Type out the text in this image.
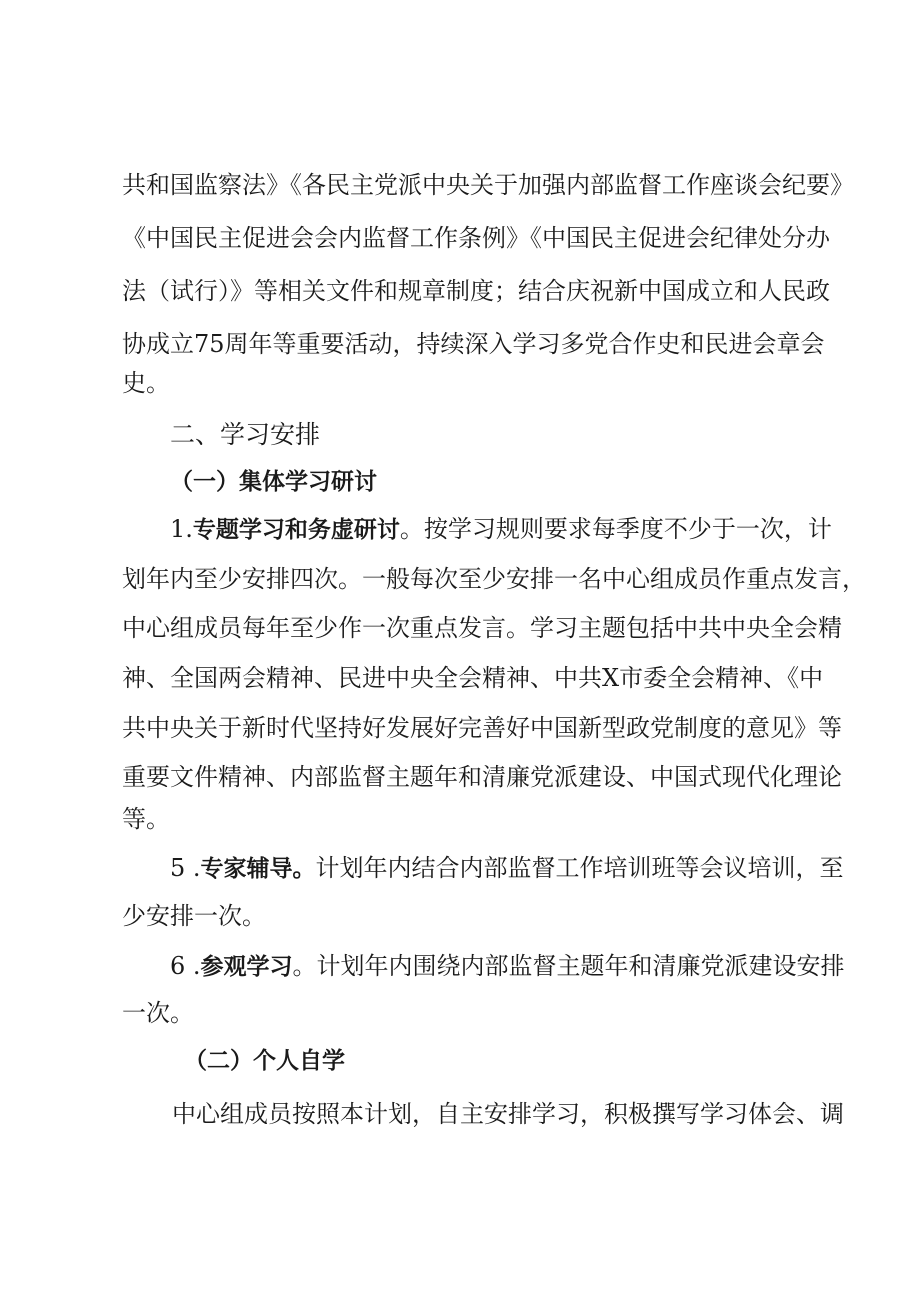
共和国监察法》《各民主党派中央关于加强内部监督工作座谈会纪要》
《中国民主促进会会内监督工作条例》《中国民主促进会纪律处分办
法（试行）》等相关文件和规章制度；结合庆祝新中国成立和人民政
协成立75周年等重要活动，持续深入学习多党合作史和民进会章会
史。
二、学习安排
（一）集体学习研讨
1.专题学习和务虚研讨。按学习规则要求每季度不少于一次，计
划年内至少安排四次。一般每次至少安排一名中心组成员作重点发言，
中心组成员每年至少作一次重点发言。学习主题包括中共中央全会精
神、全国两会精神、民进中央全会精神、中共X市委全会精神、《中
共中央关于新时代坚持好发展好完善好中国新型政党制度的意见》等
重要文件精神、内部监督主题年和清廉党派建设、中国式现代化理论
等。
5 .专家辅导。计划年内结合内部监督工作培训班等会议培训，至
少安排一次。
6 .参观学习。计划年内围绕内部监督主题年和清廉党派建设安排
一次。
（二）个人自学
中心组成员按照本计划，自主安排学习，积极撰写学习体会、调
